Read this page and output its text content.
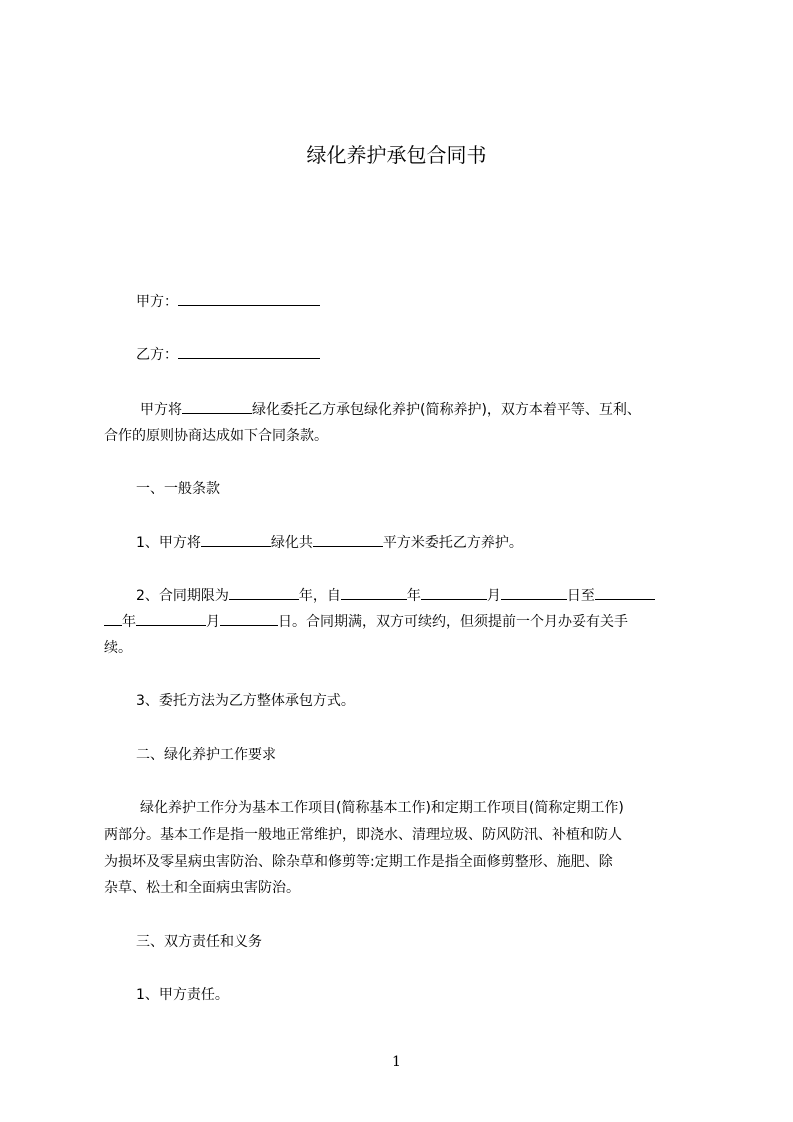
绿化养护承包合同书
甲方：
乙方：
甲方将	绿化委托乙方承包绿化养护(简称养护)，双方本着平等、互利、
合作的原则协商达成如下合同条款。
一、一般条款
1、甲方将	绿化共	平方米委托乙方养护。
2、合同期限为	年，自	年	月	日至
年	月	日。合同期满，双方可续约，但须提前一个月办妥有关手
续。
3、委托方法为乙方整体承包方式。
二、绿化养护工作要求
绿化养护工作分为基本工作项目(简称基本工作)和定期工作项目(简称定期工作)
两部分。基本工作是指一般地正常维护，即浇水、清理垃圾、防风防汛、补植和防人
为损坏及零星病虫害防治、除杂草和修剪等:定期工作是指全面修剪整形、施肥、除
杂草、松土和全面病虫害防治。
三、双方责任和义务
1、甲方责任。
1
